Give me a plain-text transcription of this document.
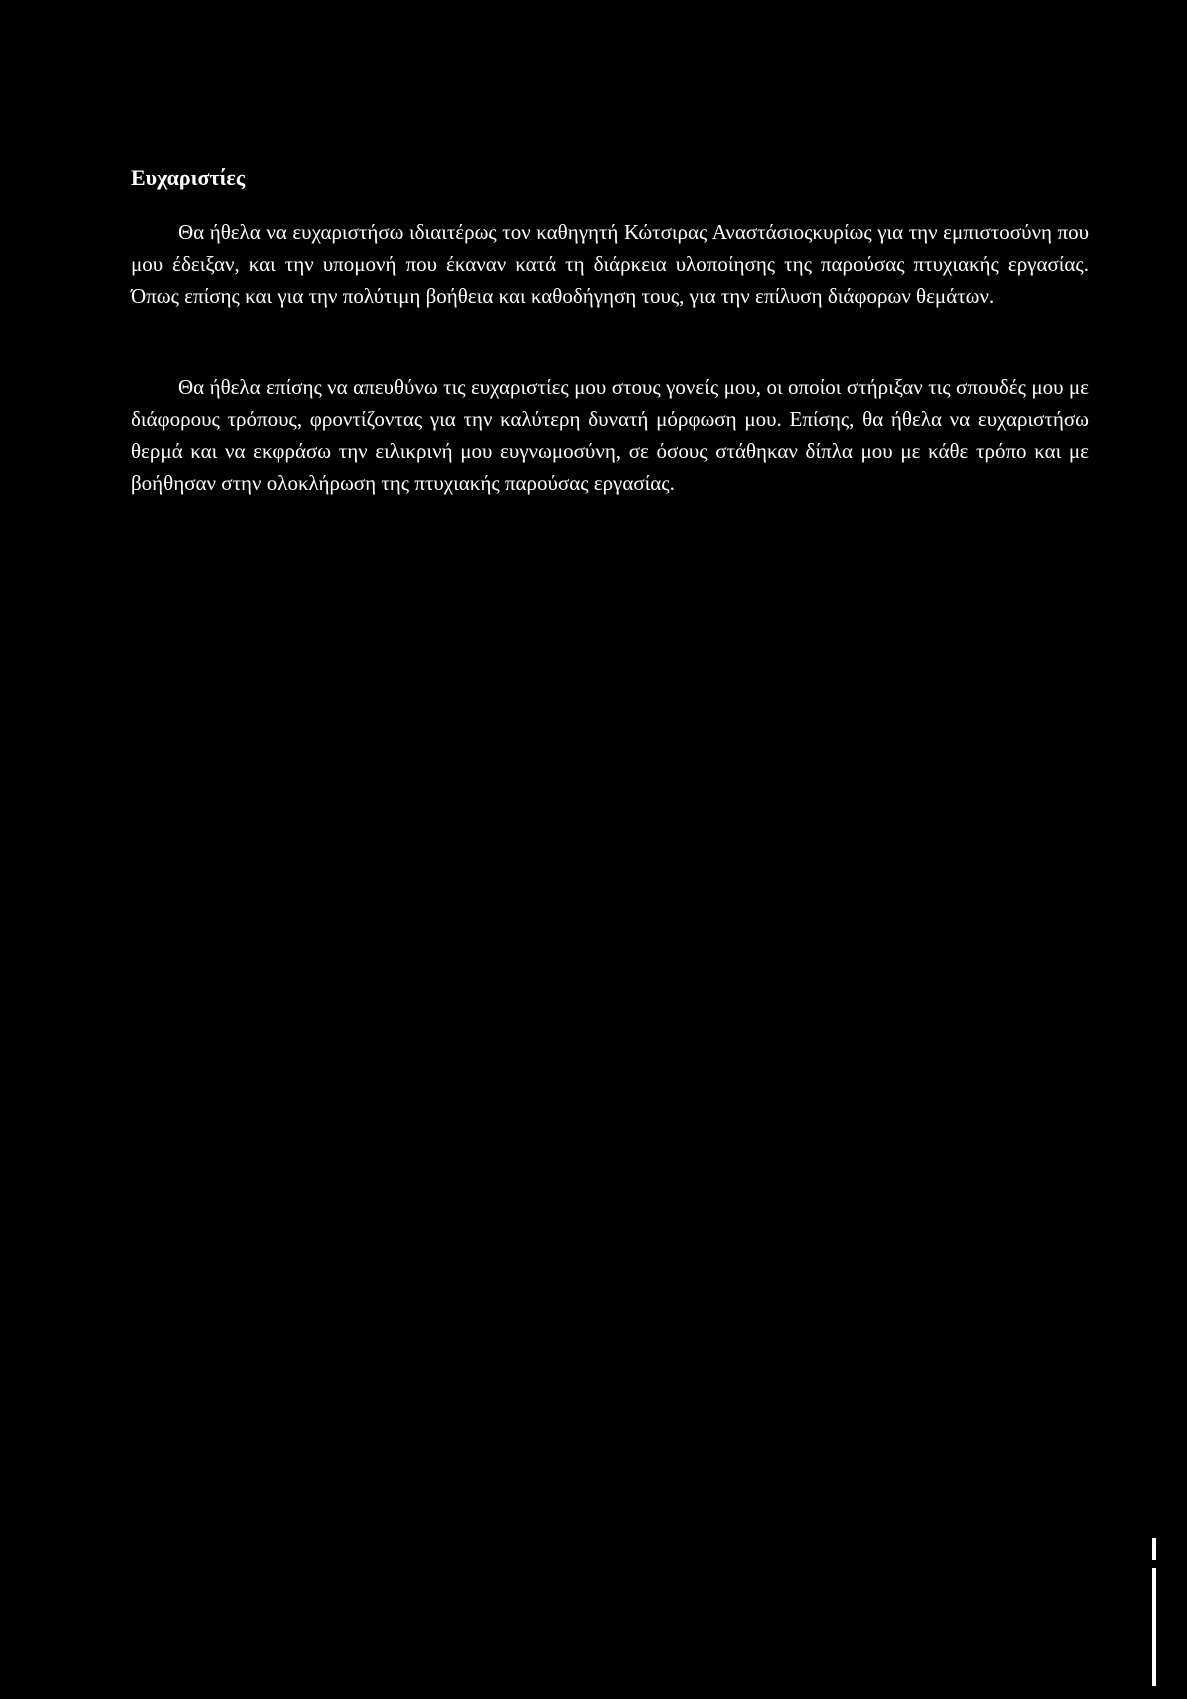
Ευχαριστίες

Θα ήθελα να ευχαριστήσω ιδιαιτέρως τον καθηγητή Κώτσιρας Αναστάσιοςκυρίως για την εμπιστοσύνη που μου έδειξαν, και την υπομονή που έκαναν κατά τη διάρκεια υλοποίησης της παρούσας πτυχιακής εργασίας. Όπως επίσης και για την πολύτιμη βοήθεια και καθοδήγηση τους, για την επίλυση διάφορων θεμάτων.

Θα ήθελα επίσης να απευθύνω τις ευχαριστίες μου στους γονείς μου, οι οποίοι στήριξαν τις σπουδές μου με διάφορους τρόπους, φροντίζοντας για την καλύτερη δυνατή μόρφωση μου. Επίσης, θα ήθελα να ευχαριστήσω θερμά και να εκφράσω την ειλικρινή μου ευγνωμοσύνη, σε όσους στάθηκαν δίπλα μου με κάθε τρόπο και με βοήθησαν στην ολοκλήρωση της πτυχιακής παρούσας εργασίας.
